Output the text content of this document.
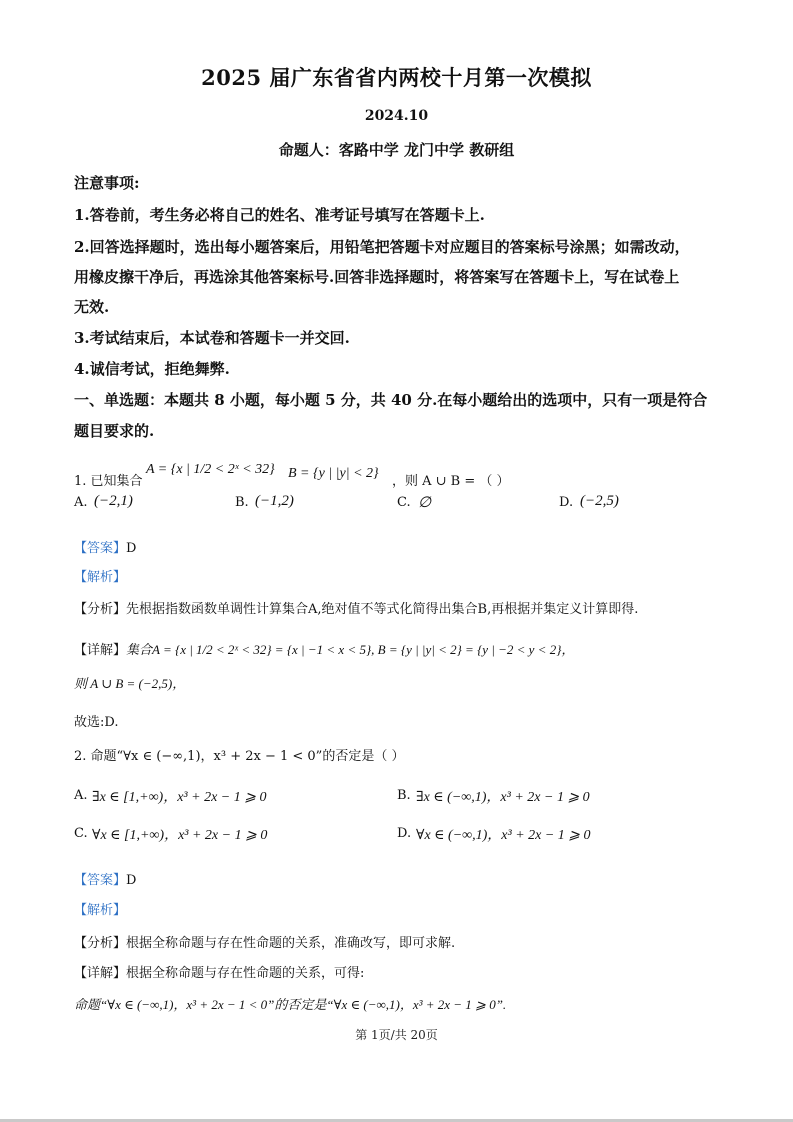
2025 届广东省省内两校十月第一次模拟
2024.10
命题人：客路中学 龙门中学 教研组
注意事项:
1.答卷前，考生务必将自己的姓名、准考证号填写在答题卡上.
2.回答选择题时，选出每小题答案后，用铅笔把答题卡对应题目的答案标号涂黑；如需改动，
用橡皮擦干净后，再选涂其他答案标号.回答非选择题时，将答案写在答题卡上，写在试卷上
无效.
3.考试结束后，本试卷和答题卡一并交回.
4.诚信考试，拒绝舞弊.
一、单选题：本题共 8 小题，每小题 5 分，共 40 分.在每小题给出的选项中，只有一项是符合
题目要求的.
1. 已知集合
A = {x | 1/2 < 2ˣ < 32} B = {y | |y| < 2}
，则 A ∪ B = （ ）
A. (−2,1)	B. (−1,2)	C. ∅	D. (−2,5)
【答案】D
【解析】
【分析】先根据指数函数单调性计算集合A,绝对值不等式化简得出集合B,再根据并集定义计算即得.
【详解】集合A = {x | 1/2 < 2ˣ < 32} = {x | −1 < x < 5}, B = {y | |y| < 2} = {y | −2 < y < 2}，
则 A ∪ B = (−2,5)，
故选:D.
2. 命题“∀x ∈ (−∞,1)，x³ + 2x − 1 < 0”的否定是（ ）
A. ∃x ∈ [1,+∞)，x³ + 2x − 1 ⩾ 0	B. ∃x ∈ (−∞,1)，x³ + 2x − 1 ⩾ 0
C. ∀x ∈ [1,+∞)，x³ + 2x − 1 ⩾ 0	D. ∀x ∈ (−∞,1)，x³ + 2x − 1 ⩾ 0
【答案】D
【解析】
【分析】根据全称命题与存在性命题的关系，准确改写，即可求解.
【详解】根据全称命题与存在性命题的关系，可得:
命题“∀x ∈ (−∞,1)，x³ + 2x − 1 < 0”的否定是“∀x ∈ (−∞,1)，x³ + 2x − 1 ⩾ 0”.
第 1页/共 20页
